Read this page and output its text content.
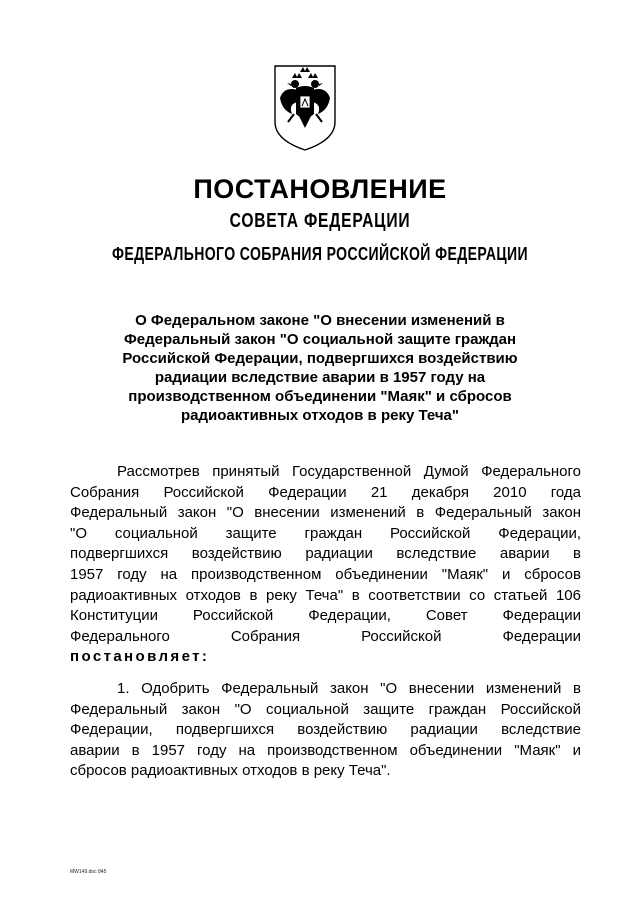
ПОСТАНОВЛЕНИЕ
СОВЕТА ФЕДЕРАЦИИ
ФЕДЕРАЛЬНОГО СОБРАНИЯ РОССИЙСКОЙ ФЕДЕРАЦИИ
О Федеральном законе "О внесении изменений в
Федеральный закон "О социальной защите граждан
Российской Федерации, подвергшихся воздействию
радиации вследствие аварии в 1957 году на
производственном объединении "Маяк" и сбросов
радиоактивных отходов в реку Теча"
Рассмотрев принятый Государственной Думой Федерального
Собрания Российской Федерации 21 декабря 2010 года
Федеральный закон "О внесении изменений в Федеральный закон
"О социальной защите граждан Российской Федерации,
подвергшихся воздействию радиации вследствие аварии в
1957 году на производственном объединении "Маяк" и сбросов
радиоактивных отходов в реку Теча" в соответствии со статьей 106
Конституции Российской Федерации, Совет Федерации
Федерального Собрания Российской Федерации
постановляет:
1. Одобрить Федеральный закон "О внесении изменений в
Федеральный закон "О социальной защите граждан Российской
Федерации, подвергшихся воздействию радиации вследствие
аварии в 1957 году на производственном объединении "Маяк" и
сбросов радиоактивных отходов в реку Теча".
MW149.doc 845
